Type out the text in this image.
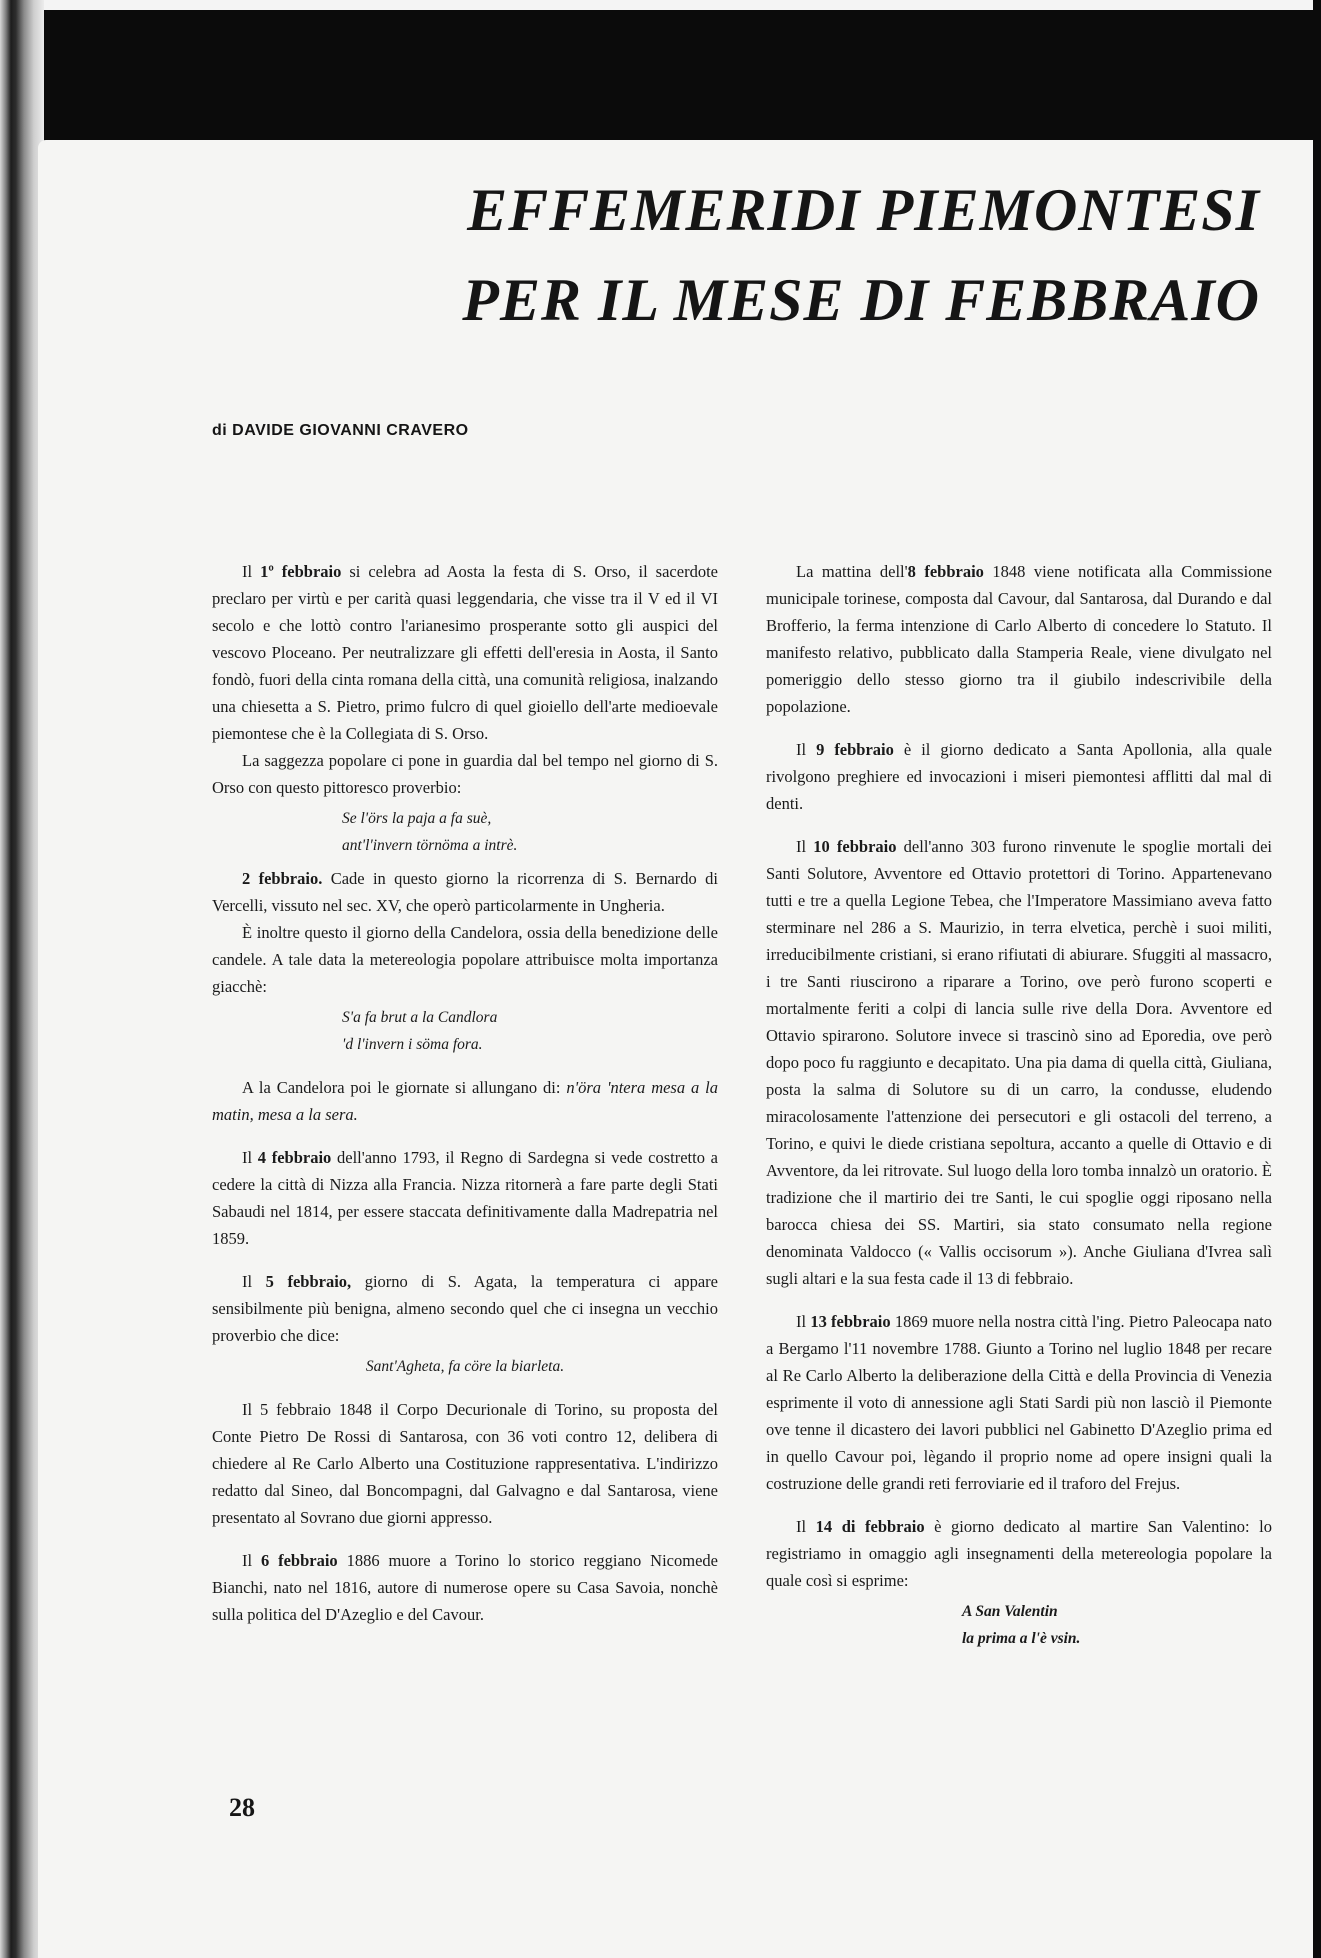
EFFEMERIDI PIEMONTESI
PER IL MESE DI FEBBRAIO
di DAVIDE GIOVANNI CRAVERO

Il 1º febbraio si celebra ad Aosta la festa di S. Orso, il sacerdote preclaro per virtù e per carità quasi leggendaria, che visse tra il V ed il VI secolo e che lottò contro l'arianesimo prosperante sotto gli auspici del vescovo Plocеano. Per neutralizzare gli effetti dell'eresia in Aosta, il Santo fondò, fuori della cinta romana della città, una comunità religiosa, inalzando una chiesetta a S. Pietro, primo fulcro di quel gioiello dell'arte medioevale piemontese che è la Collegiata di S. Orso.

La saggezza popolare ci pone in guardia dal bel tempo nel giorno di S. Orso con questo pittoresco proverbio:

Se l'örs la paja a fa suè,
ant'l'invern törnöma a intrè.

2 febbraio. Cade in questo giorno la ricorrenza di S. Bernardo di Vercelli, vissuto nel sec. XV, che operò particolarmente in Ungheria.

È inoltre questo il giorno della Candelora, ossia della benedizione delle candele. A tale data la metereologia popolare attribuisce molta importanza giacchè:

S'a fa brut a la Candlora
'd l'invern i söma fora.

A la Candelora poi le giornate si allungano di: n'öra 'ntera mesa a la matin, mesa a la sera.

Il 4 febbraio dell'anno 1793, il Regno di Sardegna si vede costretto a cedere la città di Nizza alla Francia. Nizza ritornerà a fare parte degli Stati Sabaudi nel 1814, per essere staccata definitivamente dalla Madrepatria nel 1859.

Il 5 febbraio, giorno di S. Agata, la temperatura ci appare sensibilmente più benigna, almeno secondo quel che ci insegna un vecchio proverbio che dice:

Sant'Agheta, fa cöre la biarleta.

Il 5 febbraio 1848 il Corpo Decurionale di Torino, su proposta del Conte Pietro De Rossi di Santarosa, con 36 voti contro 12, delibera di chiedere al Re Carlo Alberto una Costituzione rappresentativa. L'indirizzo redatto dal Sineo, dal Boncompagni, dal Galvagno e dal Santarosa, viene presentato al Sovrano due giorni appresso.

Il 6 febbraio 1886 muore a Torino lo storico reggiano Nicomede Bianchi, nato nel 1816, autore di numerose opere su Casa Savoia, nonchè sulla politica del D'Azeglio e del Cavour.

La mattina dell'8 febbraio 1848 viene notificata alla Commissione municipale torinese, composta dal Cavour, dal Santarosa, dal Durando e dal Brofferio, la ferma intenzione di Carlo Alberto di concedere lo Statuto. Il manifesto relativo, pubblicato dalla Stamperia Reale, viene divulgato nel pomeriggio dello stesso giorno tra il giubilo indescrivibile della popolazione.

Il 9 febbraio è il giorno dedicato a Santa Apollonia, alla quale rivolgono preghiere ed invocazioni i miseri piemontesi afflitti dal mal di denti.

Il 10 febbraio dell'anno 303 furono rinvenute le spoglie mortali dei Santi Solutore, Avventore ed Ottavio protettori di Torino. Appartenevano tutti e tre a quella Legione Tebea, che l'Imperatore Massimiano aveva fatto sterminare nel 286 a S. Maurizio, in terra elvetica, perchè i suoi militi, irreducibilmente cristiani, si erano rifiutati di abiurare. Sfuggiti al massacro, i tre Santi riuscirono a riparare a Torino, ove però furono scoperti e mortalmente feriti a colpi di lancia sulle rive della Dora. Avventore ed Ottavio spirarono. Solutore invece si trascinò sino ad Eporedia, ove però dopo poco fu raggiunto e decapitato. Una pia dama di quella città, Giuliana, posta la salma di Solutore su di un carro, la condusse, eludendo miracolosamente l'attenzione dei persecutori e gli ostacoli del terreno, a Torino, e quivi le diede cristiana sepoltura, accanto a quelle di Ottavio e di Avventore, da lei ritrovate. Sul luogo della loro tomba innalzò un oratorio. È tradizione che il martirio dei tre Santi, le cui spoglie oggi riposano nella barocca chiesa dei SS. Martiri, sia stato consumato nella regione denominata Valdocco (« Vallis occisorum »). Anche Giuliana d'Ivrea salì sugli altari e la sua festa cade il 13 di febbraio.

Il 13 febbraio 1869 muore nella nostra città l'ing. Pietro Paleocapa nato a Bergamo l'11 novembre 1788. Giunto a Torino nel luglio 1848 per recare al Re Carlo Alberto la deliberazione della Città e della Provincia di Venezia esprimente il voto di annessione agli Stati Sardi più non lasciò il Piemonte ove tenne il dicastero dei lavori pubblici nel Gabinetto D'Azeglio prima ed in quello Cavour poi, lègando il proprio nome ad opere insigni quali la costruzione delle grandi reti ferroviarie ed il traforo del Frejus.

Il 14 di febbraio è giorno dedicato al martire San Valentino: lo registriamo in omaggio agli insegnamenti della metereologia popolare la quale così si esprime:

A San Valentin
la prima a l'è vsin.
28
